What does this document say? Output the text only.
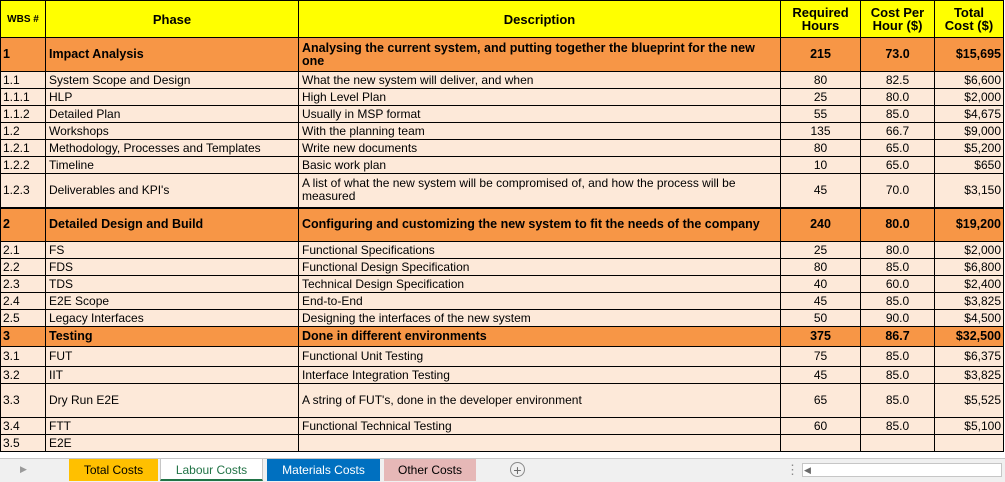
WBS #	Phase	Description	Required Hours	Cost Per Hour ($)	Total Cost ($)
1	Impact Analysis	Analysing the current system, and putting together the blueprint for the new one	215	73.0	$15,695
1.1	System Scope and Design	What the new system will deliver, and when	80	82.5	$6,600
1.1.1	HLP	High Level Plan	25	80.0	$2,000
1.1.2	Detailed Plan	Usually in MSP format	55	85.0	$4,675
1.2	Workshops	With the planning team	135	66.7	$9,000
1.2.1	Methodology, Processes and Templates	Write new documents	80	65.0	$5,200
1.2.2	Timeline	Basic work plan	10	65.0	$650
1.2.3	Deliverables and KPI's	A list of what the new system will be compromised of, and how the process will be measured	45	70.0	$3,150
2	Detailed Design and Build	Configuring and customizing the new system to fit the needs of the company	240	80.0	$19,200
2.1	FS	Functional Specifications	25	80.0	$2,000
2.2	FDS	Functional Design Specification	80	85.0	$6,800
2.3	TDS	Technical Design Specification	40	60.0	$2,400
2.4	E2E Scope	End-to-End	45	85.0	$3,825
2.5	Legacy Interfaces	Designing the interfaces of the new system	50	90.0	$4,500
3	Testing	Done in different environments	375	86.7	$32,500
3.1	FUT	Functional Unit Testing	75	85.0	$6,375
3.2	IIT	Interface Integration Testing	45	85.0	$3,825
3.3	Dry Run E2E	A string of FUT's, done in the developer environment	65	85.0	$5,525
3.4	FTT	Functional Technical Testing	60	85.0	$5,100
3.5	E2E				
▶	Total Costs	Labour Costs	Materials Costs	Other Costs	+	⋮ ◀
